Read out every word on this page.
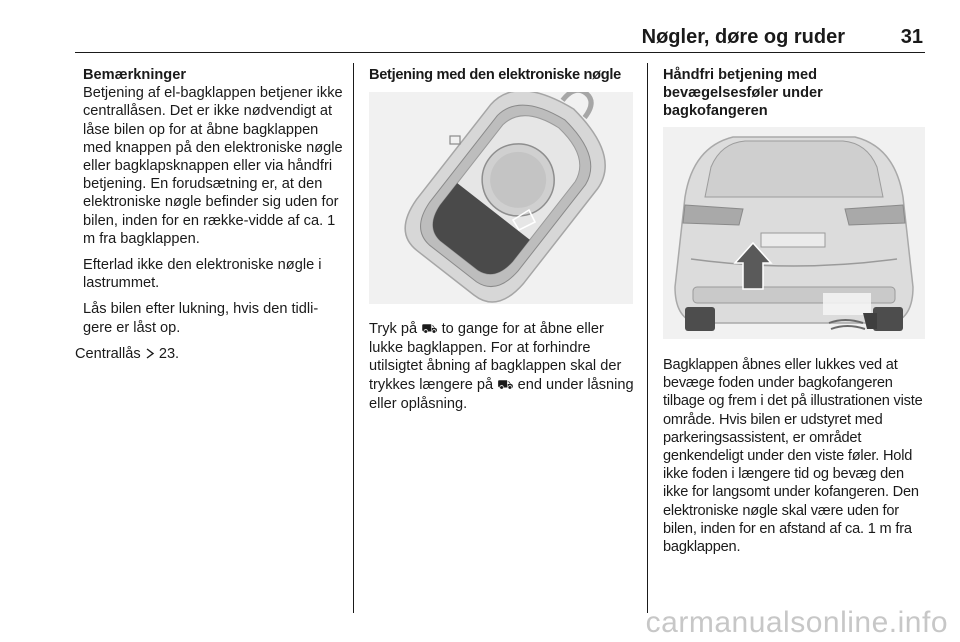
Nøgler, døre og ruder	31

Bemærkninger

Betjening af el-bagklappen betjener ikke centrallåsen. Det er ikke nødvendigt at låse bilen op for at åbne bagklappen med knappen på den elektroniske nøgle eller bagklapsknappen eller via håndfri betjening. En forudsætning er, at den elektroniske nøgle befinder sig uden for bilen, inden for en række-vidde af ca. 1 m fra bagklappen.

Efterlad ikke den elektroniske nøgle i lastrummet.

Lås bilen efter lukning, hvis den tidli-gere er låst op.

Centrallås 23.

Betjening med den elektroniske nøgle

Tryk på ⛟ to gange for at åbne eller lukke bagklappen. For at forhindre utilsigtet åbning af bagklappen skal der trykkes længere på ⛟ end under låsning eller oplåsning.

Håndfri betjening med
bevægelsesføler under
bagkofangeren

Bagklappen åbnes eller lukkes ved at bevæge foden under bagkofangeren tilbage og frem i det på illustrationen viste område. Hvis bilen er udstyret med parkeringsassistent, er området genkendeligt under den viste føler. Hold ikke foden i længere tid og bevæg den ikke for langsomt under kofangeren. Den elektroniske nøgle skal være uden for bilen, inden for en afstand af ca. 1 m fra bagklappen.

carmanualsonline.info
